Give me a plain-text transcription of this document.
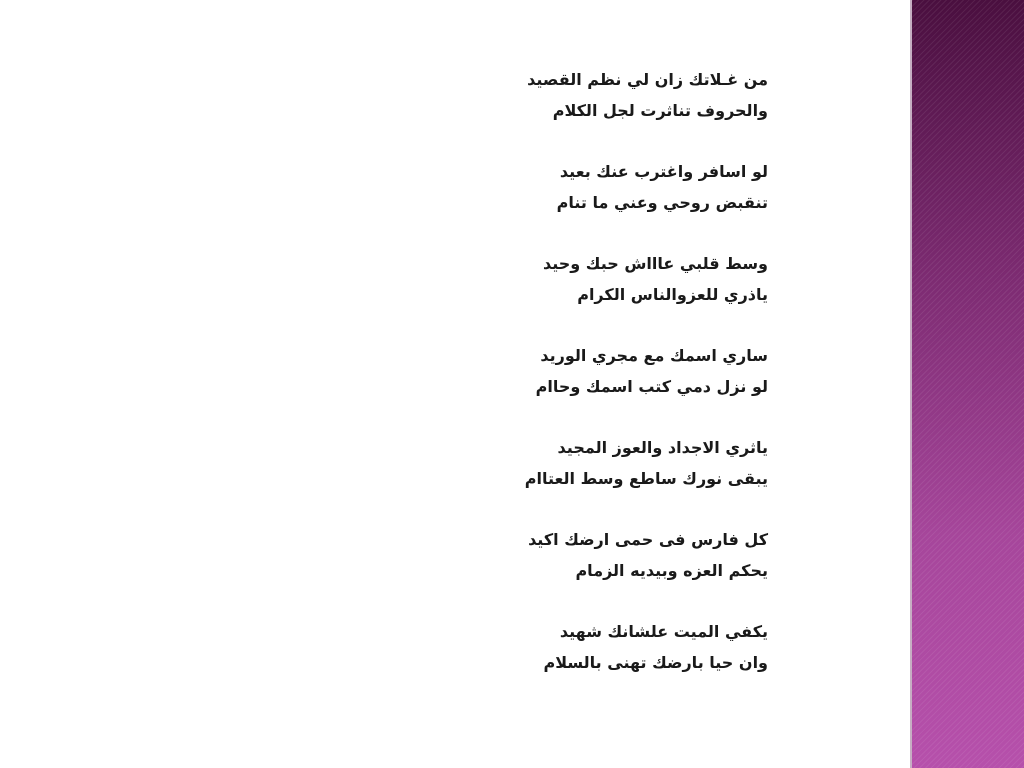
من غـلاتك زان لي نظم القصيد
والحروف تناثرت لجل الكلام
لو اسافر واغترب عنك بعيد
تنقبض روحي وعني ما تنام
وسط قلبي عاااش حبك وحيد
ياذري للعزوالناس الكرام
ساري اسمك مع مجري الوريد
لو نزل دمي كتب اسمك وحاام
ياثري الاجداد والعوز المجيد
يبقى نورك ساطع وسط العتاام
كل فارس فى حمى ارضك اكيد
يحكم العزه وبيديه الزمام
يكفي الميت علشانك شهيد
وان حيا بارضك تهنى بالسلام
